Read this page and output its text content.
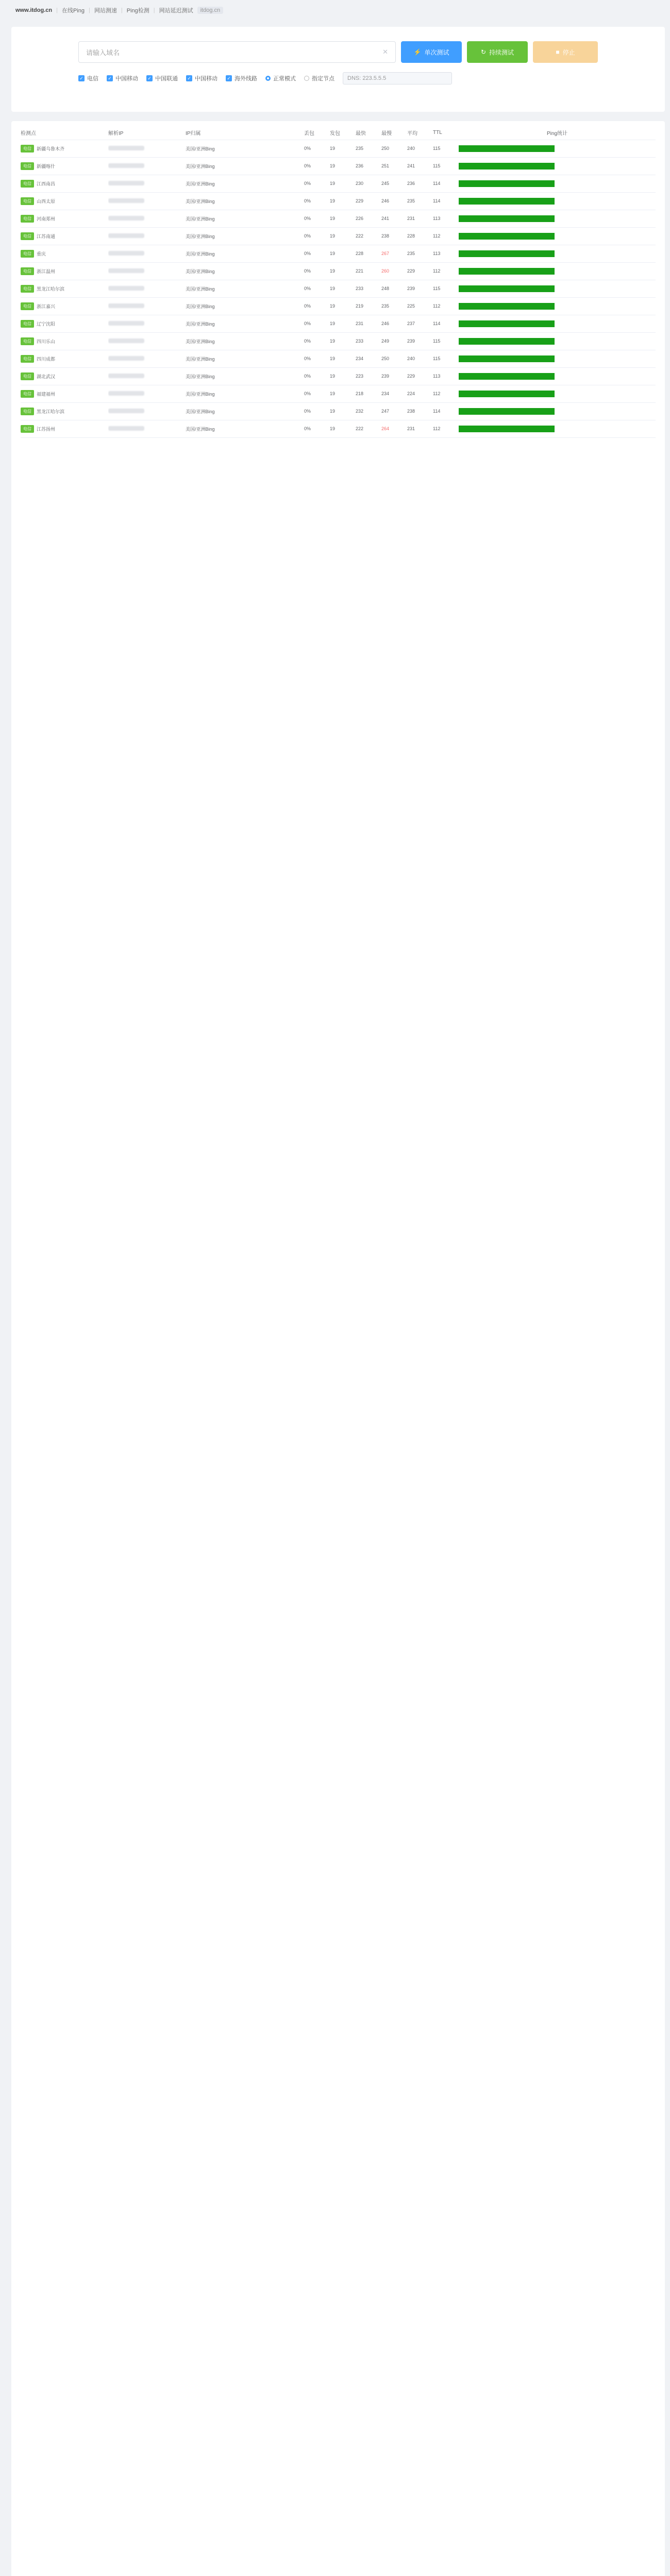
www.itdog.cn | 在线Ping | 网站测速 | Ping检测 | 网站延迟测试	itdog.cn
请输入域名	✕	⚡ 单次测试	↻ 持续测试	■ 停止
✓ 电信 ✓ 中国移动 ✓ 中国联通 ✓ 中国移动 ✓ 海外线路	正常模式	指定节点 DNS:
223.5.5.5
检测点	解析IP	IP归属	丢包	发包	最快	最慢	平均	TTL	Ping统计

电信 新疆乌鲁木齐		美国/亚洲Bing	0%	19	235	250	240	115	

电信 新疆喀什		美国/亚洲Bing	0%	19	236	251	241	115	

电信 江西南昌		美国/亚洲Bing	0%	19	230	245	236	114	

电信 山西太原		美国/亚洲Bing	0%	19	229	246	235	114	

电信 河南郑州		美国/亚洲Bing	0%	19	226	241	231	113	

电信 江苏南通		美国/亚洲Bing	0%	19	222	238	228	112	

电信 重庆		美国/亚洲Bing	0%	19	228	267	235	113	

电信 浙江温州		美国/亚洲Bing	0%	19	221	260	229	112	

电信 黑龙江哈尔滨		美国/亚洲Bing	0%	19	233	248	239	115	

电信 浙江嘉兴		美国/亚洲Bing	0%	19	219	235	225	112	

电信 辽宁沈阳		美国/亚洲Bing	0%	19	231	246	237	114	

电信 四川乐山		美国/亚洲Bing	0%	19	233	249	239	115	

电信 四川成都		美国/亚洲Bing	0%	19	234	250	240	115	

电信 湖北武汉		美国/亚洲Bing	0%	19	223	239	229	113	

电信 福建福州		美国/亚洲Bing	0%	19	218	234	224	112	

电信 黑龙江哈尔滨		美国/亚洲Bing	0%	19	232	247	238	114	

电信 江苏扬州		美国/亚洲Bing	0%	19	222	264	231	112	
